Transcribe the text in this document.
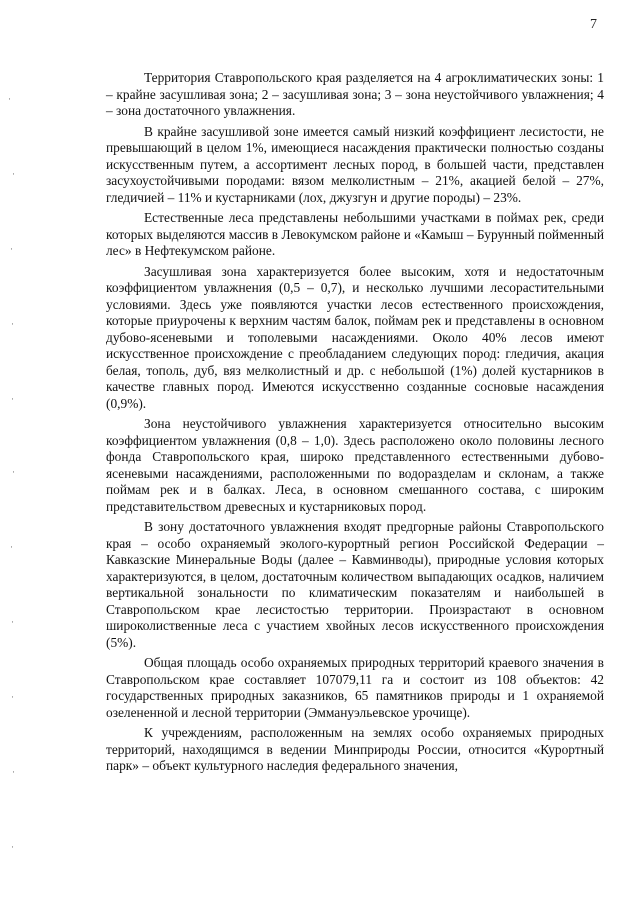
7

Территория Ставропольского края разделяется на 4 агроклиматических зоны: 1 – крайне засушливая зона; 2 – засушливая зона; 3 – зона неустойчивого увлажнения; 4 – зона достаточного увлажнения.

В крайне засушливой зоне имеется самый низкий коэффициент лесистости, не превышающий в целом 1%, имеющиеся насаждения практически полностью созданы искусственным путем, а ассортимент лесных пород, в большей части, представлен засухоустойчивыми породами: вязом мелколистным – 21%, акацией белой – 27%, гледичией – 11% и кустарниками (лох, джузгун и другие породы) – 23%.

Естественные леса представлены небольшими участками в поймах рек, среди которых выделяются массив в Левокумском районе и «Камыш – Бурунный пойменный лес» в Нефтекумском районе.

Засушливая зона характеризуется более высоким, хотя и недостаточным коэффициентом увлажнения (0,5 – 0,7), и несколько лучшими лесорастительными условиями. Здесь уже появляются участки лесов естественного происхождения, которые приурочены к верхним частям балок, поймам рек и представлены в основном дубово-ясеневыми и тополевыми насаждениями. Около 40% лесов имеют искусственное происхождение с преобладанием следующих пород: гледичия, акация белая, тополь, дуб, вяз мелколистный и др. с небольшой (1%) долей кустарников в качестве главных пород. Имеются искусственно созданные сосновые насаждения (0,9%).

Зона неустойчивого увлажнения характеризуется относительно высоким коэффициентом увлажнения (0,8 – 1,0). Здесь расположено около половины лесного фонда Ставропольского края, широко представленного естественными дубово-ясеневыми насаждениями, расположенными по водоразделам и склонам, а также поймам рек и в балках. Леса, в основном смешанного состава, с широким представительством древесных и кустарниковых пород.

В зону достаточного увлажнения входят предгорные районы Ставропольского края – особо охраняемый эколого-курортный регион Российской Федерации – Кавказские Минеральные Воды (далее – Кавминводы), природные условия которых характеризуются, в целом, достаточным количеством выпадающих осадков, наличием вертикальной зональности по климатическим показателям и наибольшей в Ставропольском крае лесистостью территории. Произрастают в основном широколиственные леса с участием хвойных лесов искусственного происхождения (5%).

Общая площадь особо охраняемых природных территорий краевого значения в Ставропольском крае составляет 107079,11 га и состоит из 108 объектов: 42 государственных природных заказников, 65 памятников природы и 1 охраняемой озелененной и лесной территории (Эммануэльевское урочище).

К учреждениям, расположенным на землях особо охраняемых природных территорий, находящимся в ведении Минприроды России, относится «Курортный парк» – объект культурного наследия федерального значения,

·
·
·
·
·
·
·
·
·
·
·
